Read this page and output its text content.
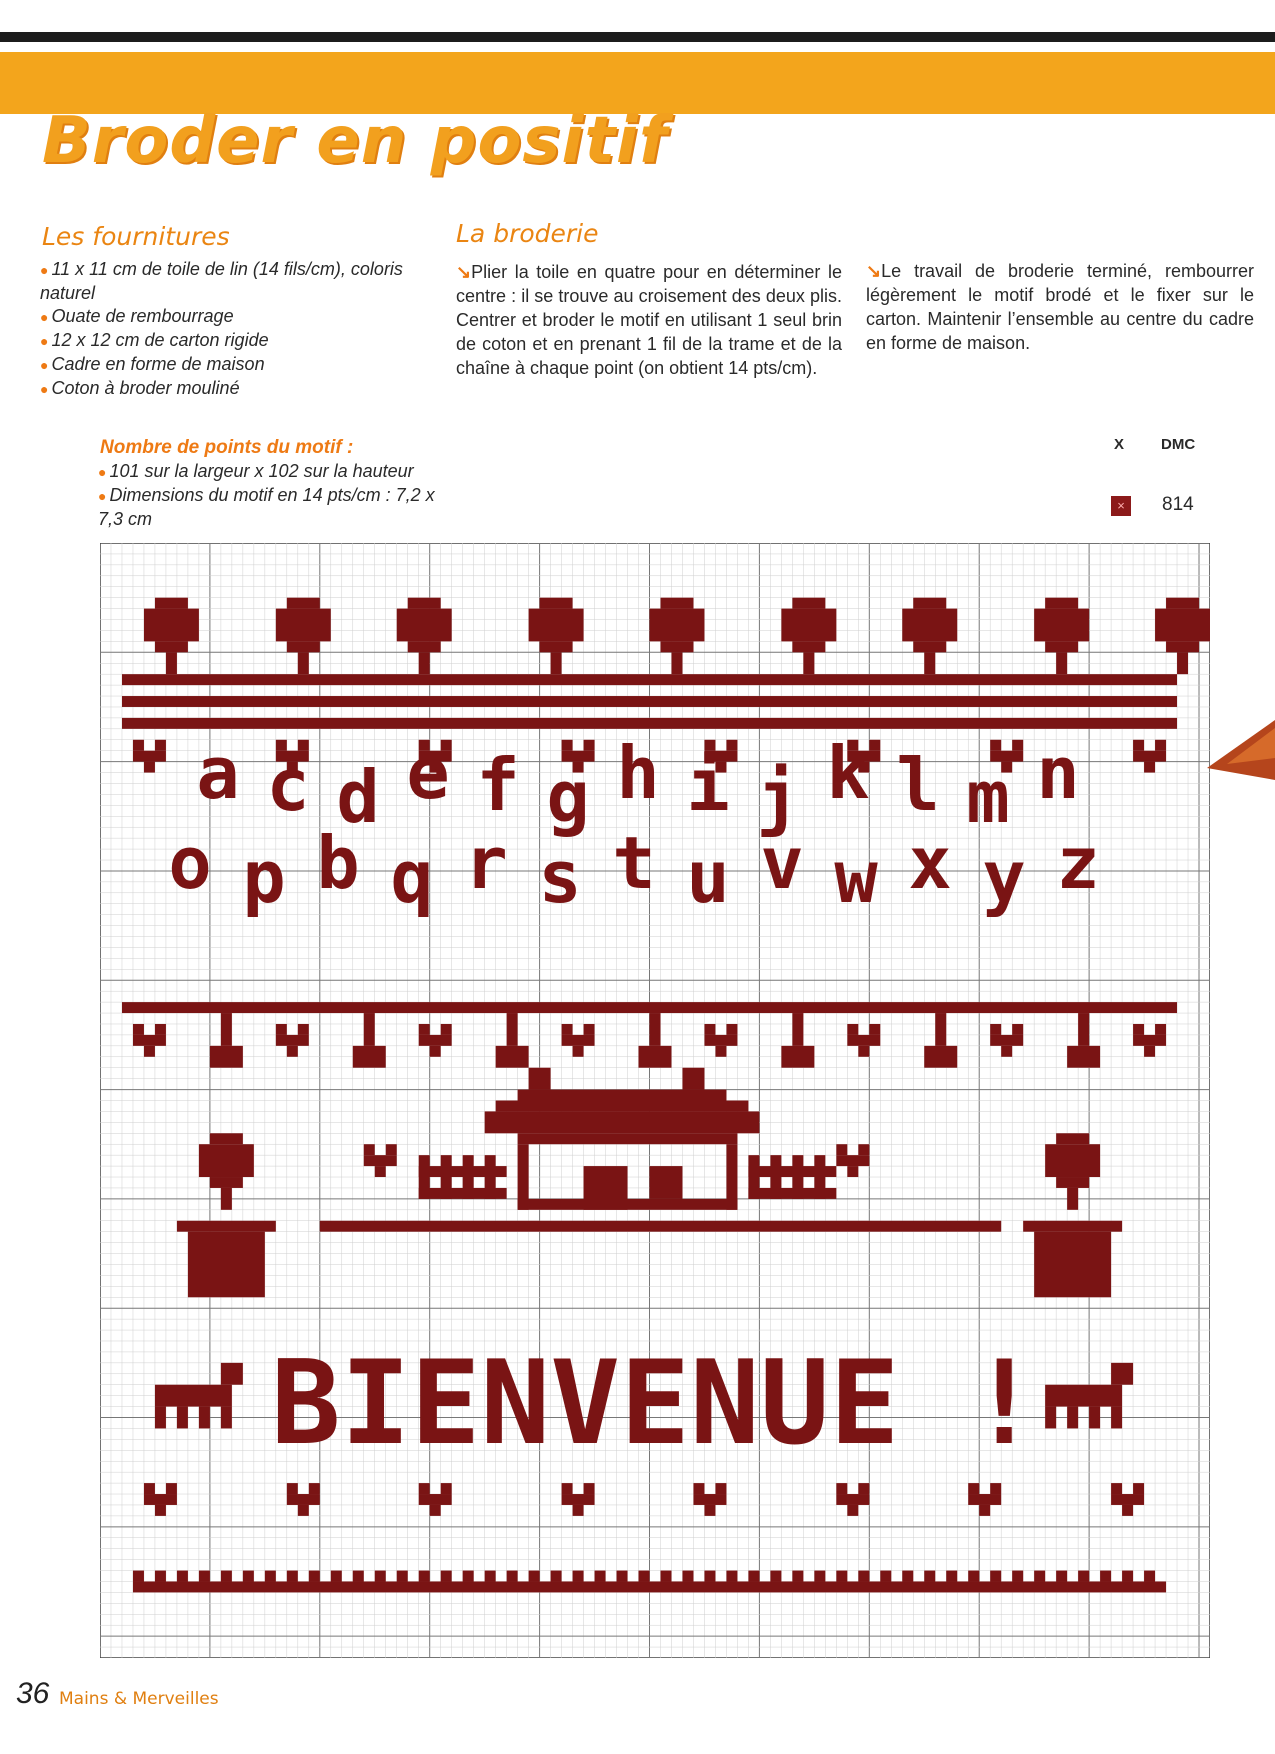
Broder en positif
Les fournitures
● 11 x 11 cm de toile de lin (14 fils/cm), coloris naturel
● Ouate de rembourrage
● 12 x 12 cm de carton rigide
● Cadre en forme de maison
● Coton à broder mouliné
La broderie

↘Plier la toile en quatre pour en déterminer le centre : il se trouve au croisement des deux plis. Centrer et broder le motif en utilisant 1 seul brin de coton et en prenant 1 fil de la trame et de la chaîne à chaque point (on obtient 14 pts/cm).

↘Le travail de broderie terminé, rembourrer légèrement le motif brodé et le fixer sur le carton. Maintenir l’ensemble au centre du cadre en forme de maison.

Nombre de points du motif :
● 101 sur la largeur x 102 sur la hauteur
● Dimensions du motif en 14 pts/cm : 7,2 x 7,3 cm
X DMC
×	814
a c d e f g h i j k l m n
o p b q r s t u v w x y z
BIENVENUE !
36 Mains & Merveilles
